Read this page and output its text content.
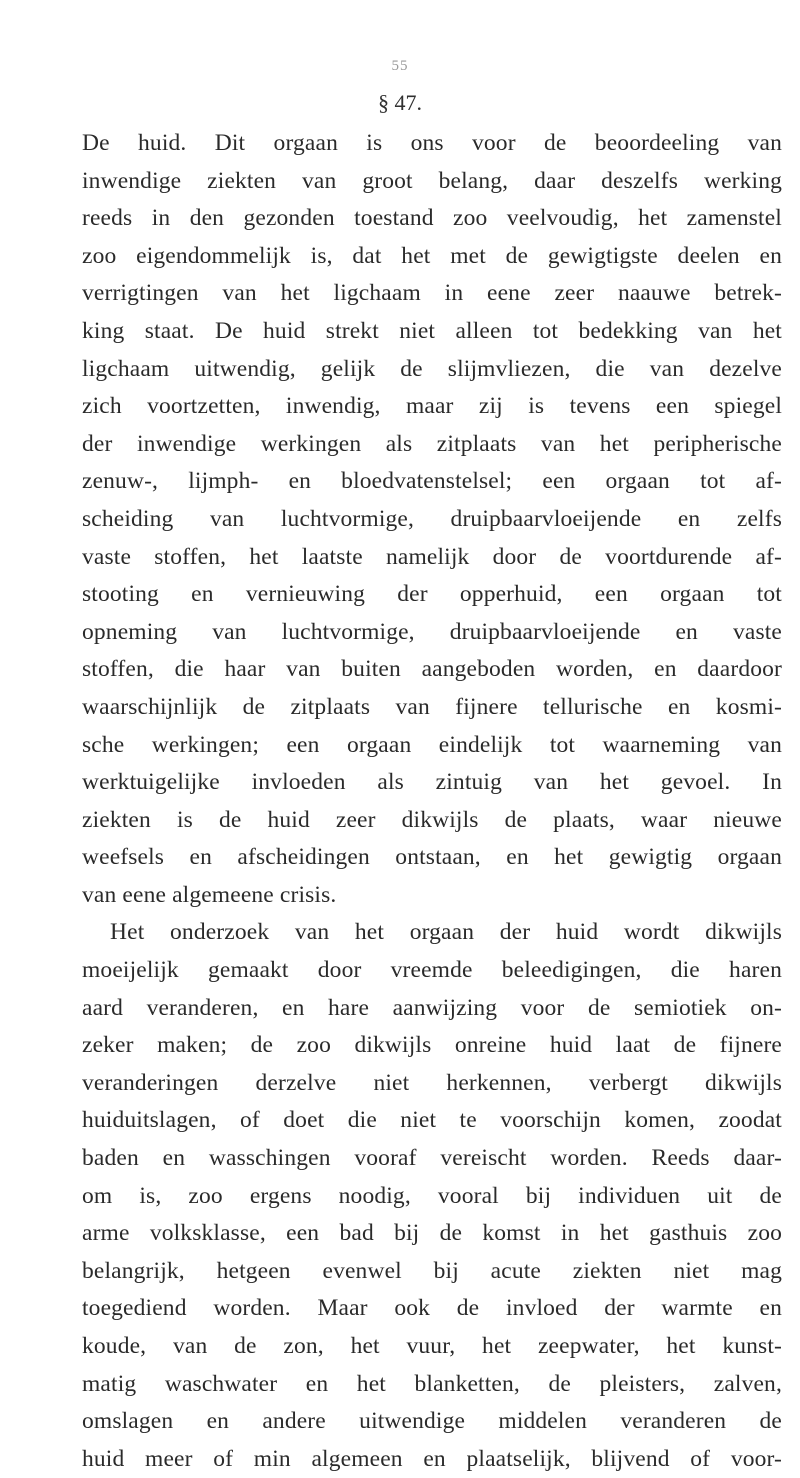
55
§ 47.
De huid. Dit orgaan is ons voor de beoordeeling van
inwendige ziekten van groot belang, daar deszelfs werking
reeds in den gezonden toestand zoo veelvoudig, het zamenstel
zoo eigendommelijk is, dat het met de gewigtigste deelen en
verrigtingen van het ligchaam in eene zeer naauwe betrek-
king staat. De huid strekt niet alleen tot bedekking van het
ligchaam uitwendig, gelijk de slijmvliezen, die van dezelve
zich voortzetten, inwendig, maar zij is tevens een spiegel
der inwendige werkingen als zitplaats van het peripherische
zenuw-, lijmph- en bloedvatenstelsel; een orgaan tot af-
scheiding van luchtvormige, druipbaarvloeijende en zelfs
vaste stoffen, het laatste namelijk door de voortdurende af-
stooting en vernieuwing der opperhuid, een orgaan tot
opneming van luchtvormige, druipbaarvloeijende en vaste
stoffen, die haar van buiten aangeboden worden, en daardoor
waarschijnlijk de zitplaats van fijnere tellurische en kosmi-
sche werkingen; een orgaan eindelijk tot waarneming van
werktuigelijke invloeden als zintuig van het gevoel. In
ziekten is de huid zeer dikwijls de plaats, waar nieuwe
weefsels en afscheidingen ontstaan, en het gewigtig orgaan
van eene algemeene crisis.
Het onderzoek van het orgaan der huid wordt dikwijls
moeijelijk gemaakt door vreemde beleedigingen, die haren
aard veranderen, en hare aanwijzing voor de semiotiek on-
zeker maken; de zoo dikwijls onreine huid laat de fijnere
veranderingen derzelve niet herkennen, verbergt dikwijls
huiduitslagen, of doet die niet te voorschijn komen, zoodat
baden en wasschingen vooraf vereischt worden. Reeds daar-
om is, zoo ergens noodig, vooral bij individuen uit de
arme volksklasse, een bad bij de komst in het gasthuis zoo
belangrijk, hetgeen evenwel bij acute ziekten niet mag
toegediend worden. Maar ook de invloed der warmte en
koude, van de zon, het vuur, het zeepwater, het kunst-
matig waschwater en het blanketten, de pleisters, zalven,
omslagen en andere uitwendige middelen veranderen de
huid meer of min algemeen en plaatselijk, blijvend of voor-
